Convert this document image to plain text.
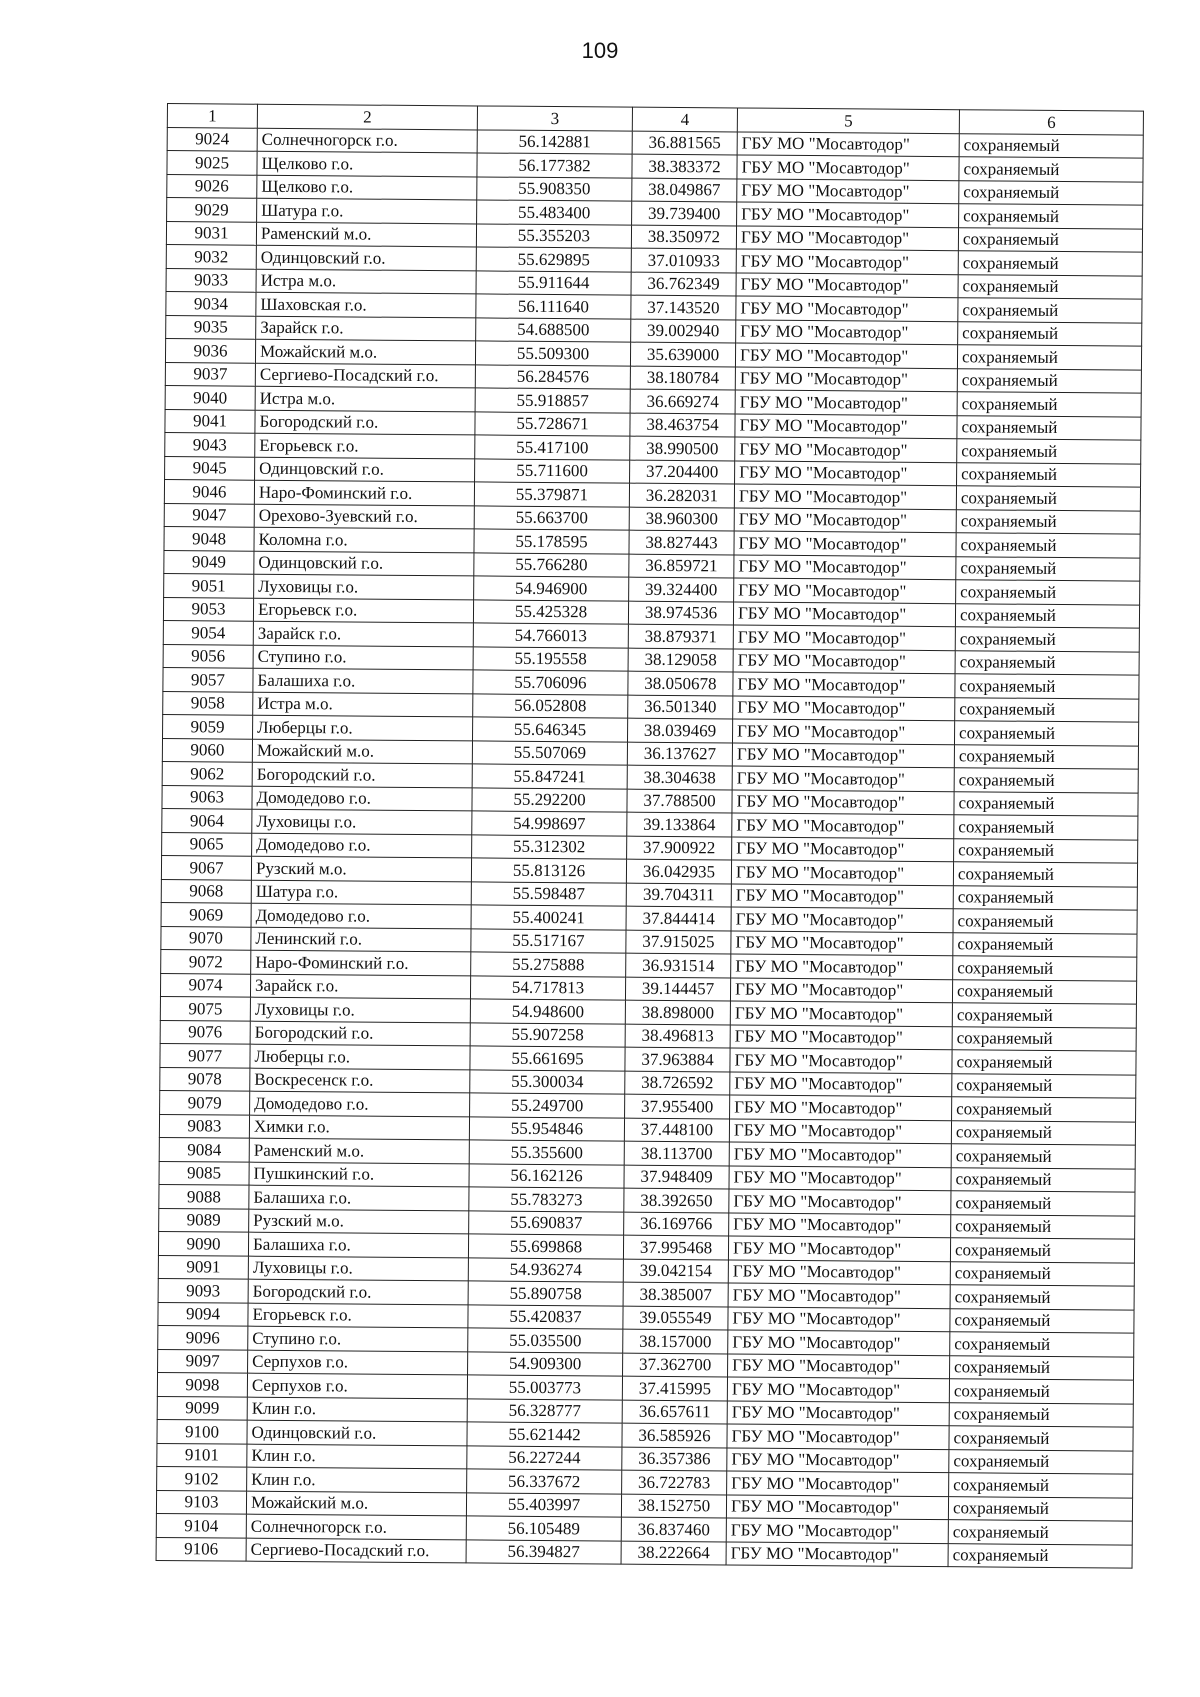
109
1	2	3	4	5	6
9024	Солнечногорск г.о.	56.142881	36.881565	ГБУ МО "Мосавтодор"	сохраняемый
9025	Щелково г.о.	56.177382	38.383372	ГБУ МО "Мосавтодор"	сохраняемый
9026	Щелково г.о.	55.908350	38.049867	ГБУ МО "Мосавтодор"	сохраняемый
9029	Шатура г.о.	55.483400	39.739400	ГБУ МО "Мосавтодор"	сохраняемый
9031	Раменский м.о.	55.355203	38.350972	ГБУ МО "Мосавтодор"	сохраняемый
9032	Одинцовский г.о.	55.629895	37.010933	ГБУ МО "Мосавтодор"	сохраняемый
9033	Истра м.о.	55.911644	36.762349	ГБУ МО "Мосавтодор"	сохраняемый
9034	Шаховская г.о.	56.111640	37.143520	ГБУ МО "Мосавтодор"	сохраняемый
9035	Зарайск г.о.	54.688500	39.002940	ГБУ МО "Мосавтодор"	сохраняемый
9036	Можайский м.о.	55.509300	35.639000	ГБУ МО "Мосавтодор"	сохраняемый
9037	Сергиево-Посадский г.о.	56.284576	38.180784	ГБУ МО "Мосавтодор"	сохраняемый
9040	Истра м.о.	55.918857	36.669274	ГБУ МО "Мосавтодор"	сохраняемый
9041	Богородский г.о.	55.728671	38.463754	ГБУ МО "Мосавтодор"	сохраняемый
9043	Егорьевск г.о.	55.417100	38.990500	ГБУ МО "Мосавтодор"	сохраняемый
9045	Одинцовский г.о.	55.711600	37.204400	ГБУ МО "Мосавтодор"	сохраняемый
9046	Наро-Фоминский г.о.	55.379871	36.282031	ГБУ МО "Мосавтодор"	сохраняемый
9047	Орехово-Зуевский г.о.	55.663700	38.960300	ГБУ МО "Мосавтодор"	сохраняемый
9048	Коломна г.о.	55.178595	38.827443	ГБУ МО "Мосавтодор"	сохраняемый
9049	Одинцовский г.о.	55.766280	36.859721	ГБУ МО "Мосавтодор"	сохраняемый
9051	Луховицы г.о.	54.946900	39.324400	ГБУ МО "Мосавтодор"	сохраняемый
9053	Егорьевск г.о.	55.425328	38.974536	ГБУ МО "Мосавтодор"	сохраняемый
9054	Зарайск г.о.	54.766013	38.879371	ГБУ МО "Мосавтодор"	сохраняемый
9056	Ступино г.о.	55.195558	38.129058	ГБУ МО "Мосавтодор"	сохраняемый
9057	Балашиха г.о.	55.706096	38.050678	ГБУ МО "Мосавтодор"	сохраняемый
9058	Истра м.о.	56.052808	36.501340	ГБУ МО "Мосавтодор"	сохраняемый
9059	Люберцы г.о.	55.646345	38.039469	ГБУ МО "Мосавтодор"	сохраняемый
9060	Можайский м.о.	55.507069	36.137627	ГБУ МО "Мосавтодор"	сохраняемый
9062	Богородский г.о.	55.847241	38.304638	ГБУ МО "Мосавтодор"	сохраняемый
9063	Домодедово г.о.	55.292200	37.788500	ГБУ МО "Мосавтодор"	сохраняемый
9064	Луховицы г.о.	54.998697	39.133864	ГБУ МО "Мосавтодор"	сохраняемый
9065	Домодедово г.о.	55.312302	37.900922	ГБУ МО "Мосавтодор"	сохраняемый
9067	Рузский м.о.	55.813126	36.042935	ГБУ МО "Мосавтодор"	сохраняемый
9068	Шатура г.о.	55.598487	39.704311	ГБУ МО "Мосавтодор"	сохраняемый
9069	Домодедово г.о.	55.400241	37.844414	ГБУ МО "Мосавтодор"	сохраняемый
9070	Ленинский г.о.	55.517167	37.915025	ГБУ МО "Мосавтодор"	сохраняемый
9072	Наро-Фоминский г.о.	55.275888	36.931514	ГБУ МО "Мосавтодор"	сохраняемый
9074	Зарайск г.о.	54.717813	39.144457	ГБУ МО "Мосавтодор"	сохраняемый
9075	Луховицы г.о.	54.948600	38.898000	ГБУ МО "Мосавтодор"	сохраняемый
9076	Богородский г.о.	55.907258	38.496813	ГБУ МО "Мосавтодор"	сохраняемый
9077	Люберцы г.о.	55.661695	37.963884	ГБУ МО "Мосавтодор"	сохраняемый
9078	Воскресенск г.о.	55.300034	38.726592	ГБУ МО "Мосавтодор"	сохраняемый
9079	Домодедово г.о.	55.249700	37.955400	ГБУ МО "Мосавтодор"	сохраняемый
9083	Химки г.о.	55.954846	37.448100	ГБУ МО "Мосавтодор"	сохраняемый
9084	Раменский м.о.	55.355600	38.113700	ГБУ МО "Мосавтодор"	сохраняемый
9085	Пушкинский г.о.	56.162126	37.948409	ГБУ МО "Мосавтодор"	сохраняемый
9088	Балашиха г.о.	55.783273	38.392650	ГБУ МО "Мосавтодор"	сохраняемый
9089	Рузский м.о.	55.690837	36.169766	ГБУ МО "Мосавтодор"	сохраняемый
9090	Балашиха г.о.	55.699868	37.995468	ГБУ МО "Мосавтодор"	сохраняемый
9091	Луховицы г.о.	54.936274	39.042154	ГБУ МО "Мосавтодор"	сохраняемый
9093	Богородский г.о.	55.890758	38.385007	ГБУ МО "Мосавтодор"	сохраняемый
9094	Егорьевск г.о.	55.420837	39.055549	ГБУ МО "Мосавтодор"	сохраняемый
9096	Ступино г.о.	55.035500	38.157000	ГБУ МО "Мосавтодор"	сохраняемый
9097	Серпухов г.о.	54.909300	37.362700	ГБУ МО "Мосавтодор"	сохраняемый
9098	Серпухов г.о.	55.003773	37.415995	ГБУ МО "Мосавтодор"	сохраняемый
9099	Клин г.о.	56.328777	36.657611	ГБУ МО "Мосавтодор"	сохраняемый
9100	Одинцовский г.о.	55.621442	36.585926	ГБУ МО "Мосавтодор"	сохраняемый
9101	Клин г.о.	56.227244	36.357386	ГБУ МО "Мосавтодор"	сохраняемый
9102	Клин г.о.	56.337672	36.722783	ГБУ МО "Мосавтодор"	сохраняемый
9103	Можайский м.о.	55.403997	38.152750	ГБУ МО "Мосавтодор"	сохраняемый
9104	Солнечногорск г.о.	56.105489	36.837460	ГБУ МО "Мосавтодор"	сохраняемый
9106	Сергиево-Посадский г.о.	56.394827	38.222664	ГБУ МО "Мосавтодор"	сохраняемый
